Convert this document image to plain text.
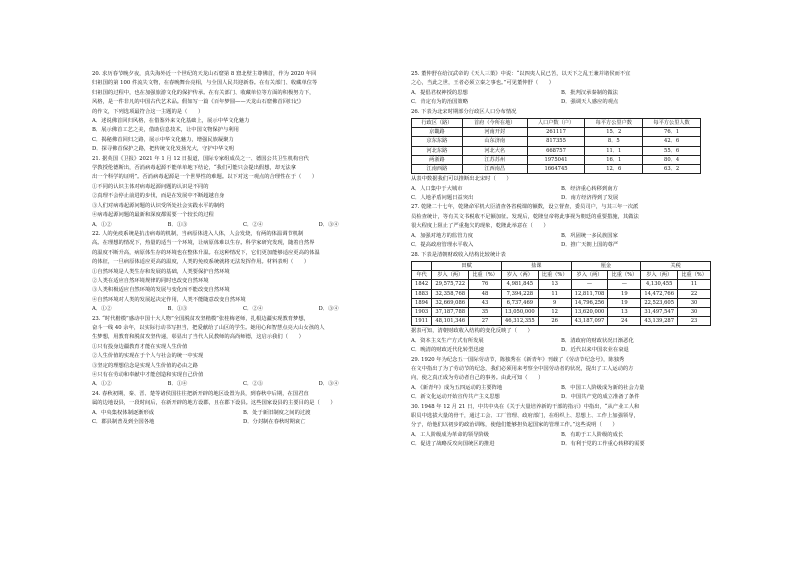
20. 求历春节晚夕夜，真失海外近一个世纪的天龙山石窟第 8 窟北壁主尊佛首，作为 2020 年回
归祖国的第 100 件流失文物，在春晚舞台亮相，与全国人民共迎新春。在有关部门、收藏单位等
归祖国的过程中，也在加强旅游文化的保护传承。在有关部门、收藏单位等方面的积极努力下，
风格，是一件非凡的中国古代艺术品。假如写一篇《百年梦圆——天龙山石窟佛首回归记》
的作文，下列选项最符合这一主题的是（　　）
A．述说佛首回归风格，在借鉴外来文化基础上，展示中华文化魅力
B．展示佛首工艺之美，借助信息技术，让中国文物保护与利用
C．揭秘佛首回归之路，展示中华文化魅力，增强民族凝聚力
D．探寻佛首保护之路，把传统文化发扬光大，守护中华文明
21. 据英国《卫报》2021 年 1 月 12 日报道，国际专家组成员之一、德国公共卫生机构官代
学教授伦德斯出，否消病毒起源不能单单地下结论，“我们可能只会提出假想，却无法拿
出一个科学的证明”。否消病毒起源是一个世界性的难题。以下对这一观点的合理性在于（　　）
①不同的认识主体对病毒起源问题的认识是不同的
②真理不会停止前进的步伐，而是在发展中不断超越自身
③人们对病毒起源问题的认识受所处社会实践水平的制约
④病毒起源问题的最新和深度都需要一个较长的过程
A．①②	B．①③	C．②④	D．③④
22. 人的免疫系统是抗击病毒的机制，当病原体进入人体，人会发烧，有两的体温调节机制
高。在理想的情况下，热量的适当一个环境，让病原体难以生存。科学家研究发现，随着自然界
的温度不断升高，病原体生存的环境也在整体升温。在这种情况下，它们更加能够适应更高的体温
的体征，一旦病原体适应更高的温度，人类的免疫系统就将无法发挥作用。材料表明（　　）
①自然环境是人类生存和发展的基础，人类要保护自然环境
②人类在适应自然环境规律的同时也改变自然环境
③人类积极适应自然环境的发展与变化而不能改变自然环境
④自然环境对人类的发展起决定作用，人类不能随意改变自然环境
A．①②	B．①③	C．②④	D．③④
23. “时代楷模”感动中国十大人物”全国脱贫攻坚楷模”张桂梅老师，扎根边疆实现教育梦想，
奋斗一线 40 余年，以实际行动书写担当，把爱献给了山区的学生。她用心和智慧点亮大山女孩的人
生梦想，用教育和脱贫攻坚传递，彰显出了当代人民教师的高尚师德，这启示我们（　　）
①只有投身边疆教育才能在实现人生价值
②人生价值的实现在于个人与社会的统一中实现
③坚定的理想信念是实现人生价值的必由之路
④只有在劳动和奉献中才能创造和实现自己价值
A．①②	B．①④	C．②③	D．③④
24. 春秋初期，秦、晋、楚等诸侯国往往把新开辟的地区设置为县，到春秋中后期，在国君直
属的边地设县，一段时间后，在新开辟的地方设郡，且在郡下设县。这些国家设县的主要目的是（　　）
A．中央集权体制逐渐形成	B．处于新旧制度之间的过渡
C．郡县制普及到全国各地	D．分封制在春秋时期衰亡
25. 董仲舒在给汉武帝的《天人三策》中说：“以四夷人民已苦，以天下之乱王兼并诸侯而不宜
之心，当此之世，王者必须立秦之事也。”可见董仲舒（　　）
A．提倡君权神授的思想	B．批判汉承秦制的做法
C．肯定有为的治国策略	D．强调天人感应的观点
26. 下表为北宋时期部分行政区人口分布情况
行政区（路）	首府（今所在地）	人口户数（户）	每平方公里户数	每平方公里人数
京畿路	河南开封	261117	15．2	76．1
京东东路	山东济南	817355	8．5	42．6
河北东路	河北大名	668757	11．1	55．6
两浙路	江苏苏州	1975041	16．1	80．4
江南西路	江西南昌	1664745	12．6	63．2
从表中数据我们可以推断出北宋时（　　）
A．人口集中于大城市	B．经济重心转移到南方
C．人地矛盾问题日益突出	D．南方经济得到了发展
27. 乾隆二十七年，乾隆命军机大臣清查各省税课的额数，设立督查，委员司户，与其三年一次派
员检查统计，等有关文书税收不足额加征。发现后，乾隆皇帝将此事视为朝廷的重要措施，其做法
很大程度上阻止了严重拖欠的现象，乾隆此举意在（　　）
A．加强对地方的监管力度	B．巩固统一多民族国家
C．提高政府管理水平收入	D．推广天朝上国的尊严
28. 下表是清朝财政收入结构比较统计表
	田赋		盐课		厘金		关税	
年代	岁入（两）	比重（%）	岁入（两）	比重（%）	岁入（两）	比重（%）	岁入（两）	比重（%）
1842	29,575,722	76	4,981,845	13	—	—	4,130,455	11
1883	32,358,768	48	7,394,228	11	12,811,708	19	14,472,766	22
1894	32,669,086	43	6,737,469	9	14,796,256	19	22,523,605	30
1903	37,187,788	35	13,050,000	12	13,620,000	13	31,497,547	30
1911	48,101,346	27	46,312,355	26	43,187,097	24	43,139,287	23
据表可知，清朝财政收入结构的变化反映了（　　）
A．资本主义生产方式有所发展	B．清政府的财政状况日渐恶化
C．晚清的财政近代化转型迅速	D．近代以来中国农业在衰退
29. 1920 年为纪念五一国际劳动节，陈独秀在《新青年》刊载了《劳动节纪念号》，陈独秀
在文中指出了为了劳动节的纪念，我们必须用来考察全中国劳动者的状况，提出了工人运动的方
向，使之真正成为劳动者自己的事务。由此可知（　　）
A．《新青年》成为五四运动的主要阵地	B．中国工人阶级成为新的社会力量
C．新文化运动开始宣传共产主义思想	D．中国共产党的成立准备了条件
30. 1948 年 12 月 21 日，中共中央在《关于大量培养新的干部的指示》中指出，“从产业工人和
职员中选拔大量的骨干，通过工会、工厂管理、政府部门，在组织上、思想上、工作上加强领导，
分子，给他们以初步的政治训练，使他们能够担负起国家的管理工作。”这些说明（　　）
A．工人阶级成为革命的领导阶级	B．有助于工人阶级的成长
C．促进了战略反攻向国统区的推进	D．有利于党的工作重心转移的需要
